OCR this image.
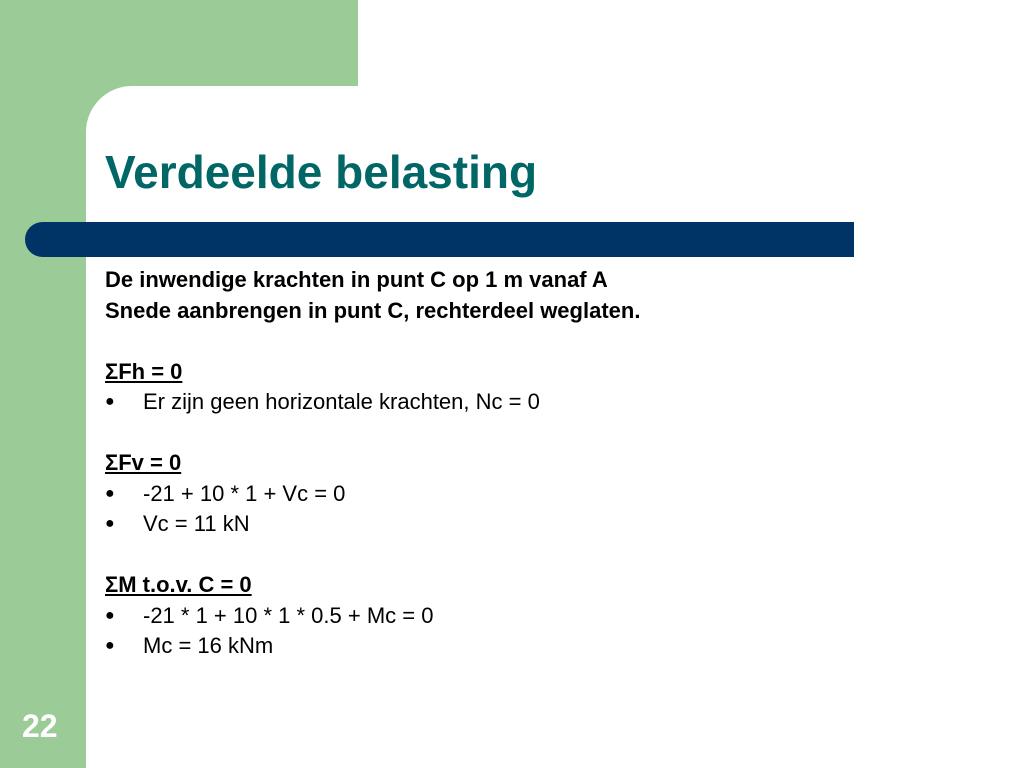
Verdeelde belasting
De inwendige krachten in punt C op 1 m vanaf A
Snede aanbrengen in punt C, rechterdeel weglaten.
ΣFh = 0
●	Er zijn geen horizontale krachten, Nc = 0
ΣFv = 0
●	-21 + 10 * 1 + Vc = 0
●	Vc = 11 kN
ΣM t.o.v. C = 0
●	-21 * 1 + 10 * 1 * 0.5 + Mc = 0
●	Mc = 16 kNm
22
